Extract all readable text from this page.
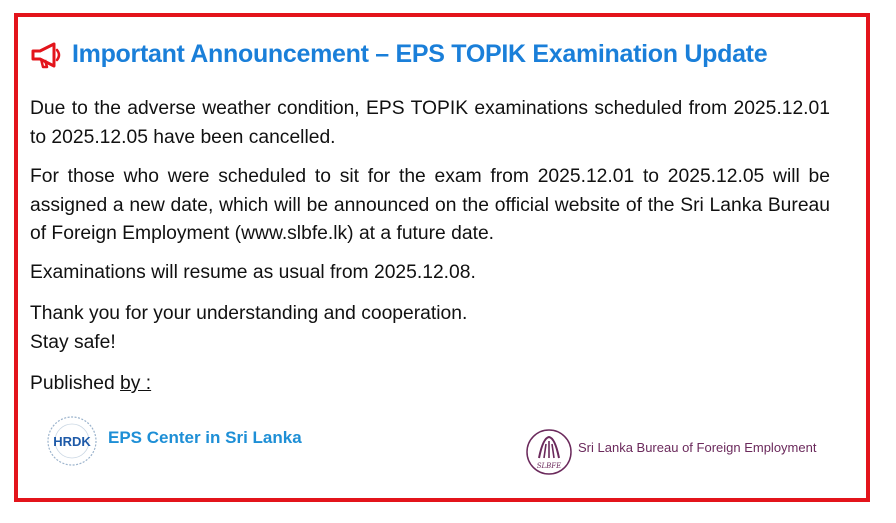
Important Announcement – EPS TOPIK Examination Update

Due to the adverse weather condition, EPS TOPIK examinations scheduled from 2025.12.01 to 2025.12.05 have been cancelled.

For those who were scheduled to sit for the exam from 2025.12.01 to 2025.12.05 will be assigned a new date, which will be announced on the official website of the Sri Lanka Bureau of Foreign Employment (www.slbfe.lk) at a future date.

Examinations will resume as usual from 2025.12.08.

Thank you for your understanding and cooperation.
Stay safe!

Published by :

HRDK EPS Center in Sri Lanka
SLBFE
Sri Lanka Bureau of Foreign Employment
